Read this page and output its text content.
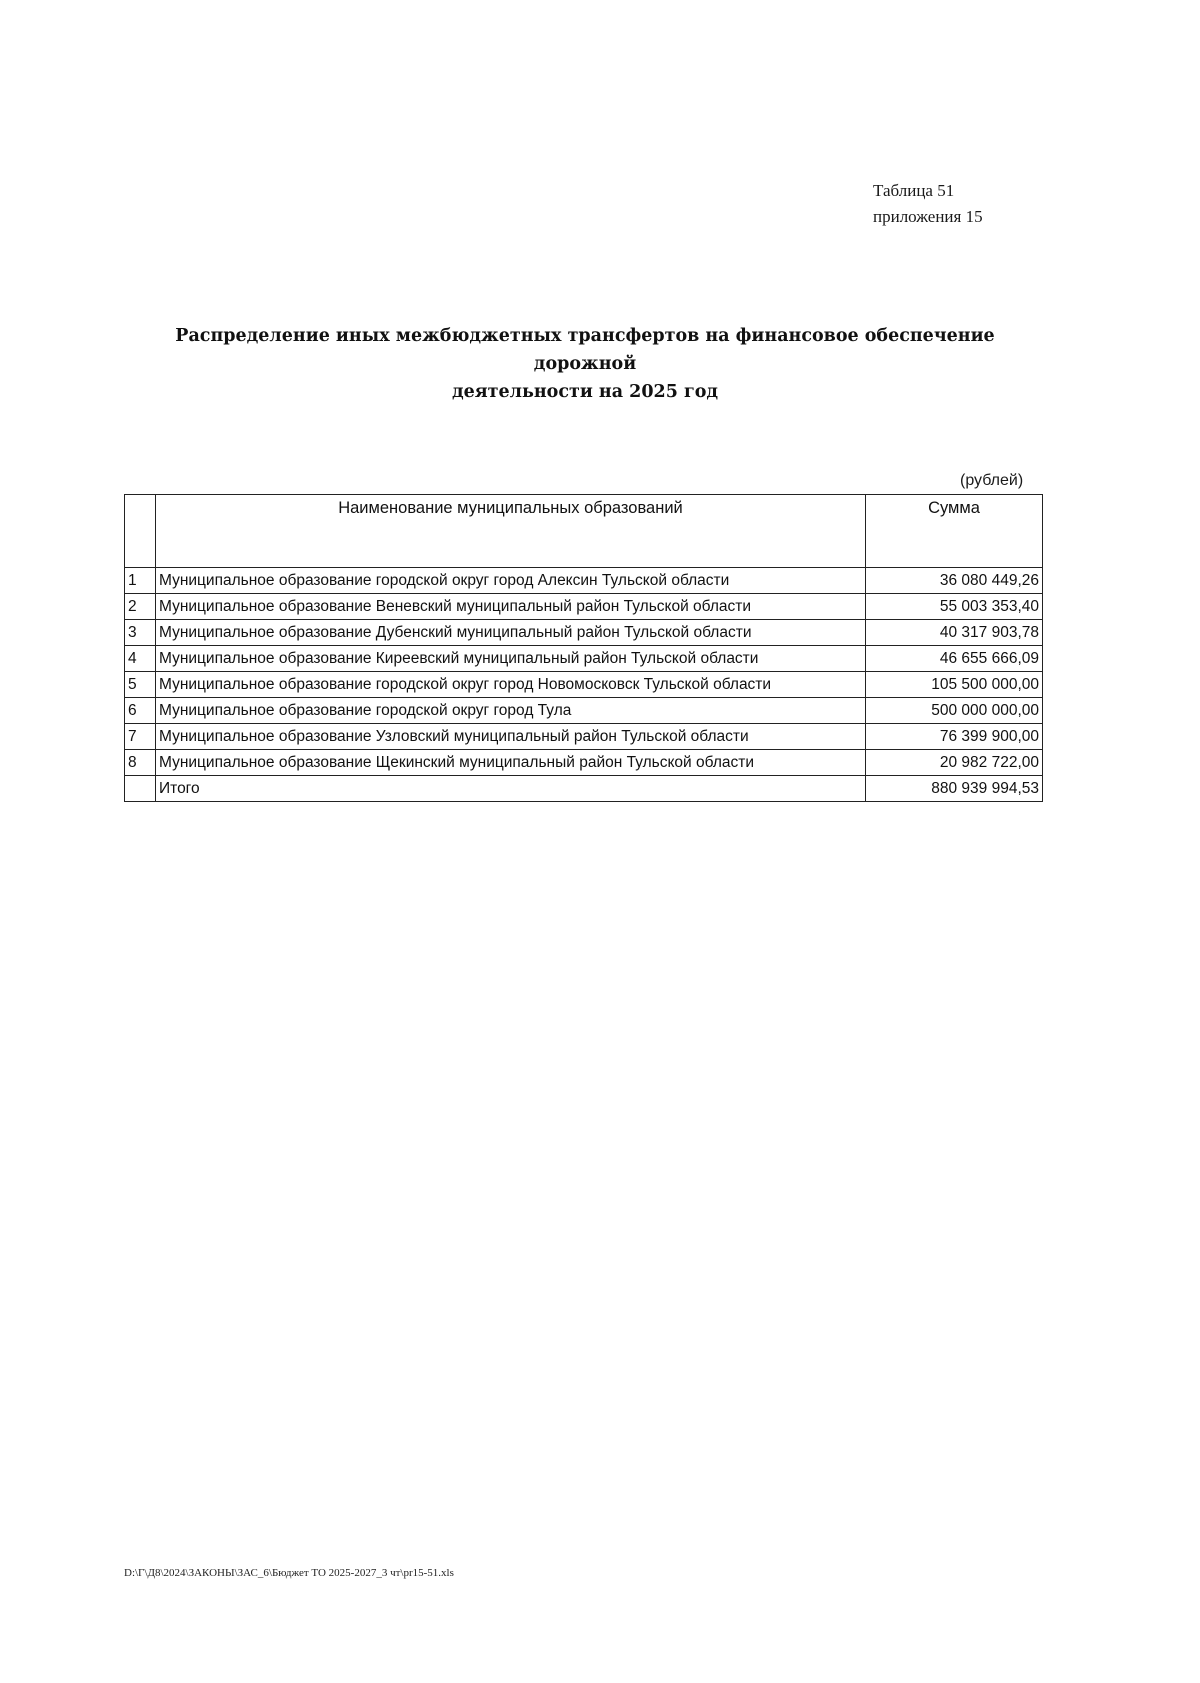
Таблица 51
приложения 15
Распределение иных межбюджетных трансфертов на финансовое обеспечение дорожной
деятельности на 2025 год
(рублей)
	Наименование муниципальных образований	Сумма
1	Муниципальное образование городской округ город Алексин Тульской области	36 080 449,26
2	Муниципальное образование Веневский муниципальный район Тульской области	55 003 353,40
3	Муниципальное образование Дубенский муниципальный район Тульской области	40 317 903,78
4	Муниципальное образование Киреевский муниципальный район Тульской области	46 655 666,09
5	Муниципальное образование городской округ город Новомосковск Тульской области	105 500 000,00
6	Муниципальное образование городской округ город Тула	500 000 000,00
7	Муниципальное образование Узловский муниципальный район Тульской области	76 399 900,00
8	Муниципальное образование Щекинский муниципальный район Тульской области	20 982 722,00
	Итого	880 939 994,53
D:\Г\Д8\2024\ЗАКОНЫ\ЗАС_6\Бюджет ТО 2025-2027_3 чт\pr15-51.xls
